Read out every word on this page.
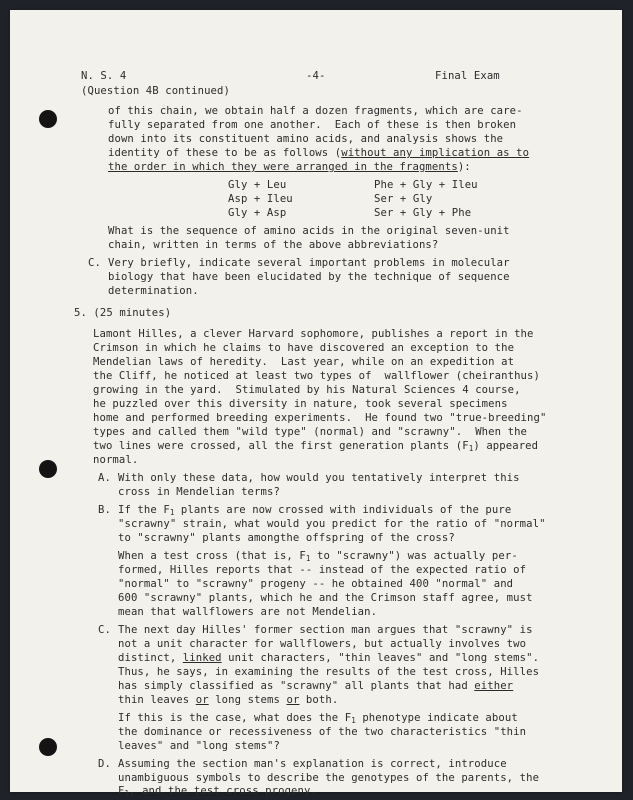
N. S. 4	-4-	Final Exam
(Question 4B continued)
of this chain, we obtain half a dozen fragments, which are care-
fully separated from one another.  Each of these is then broken
down into its constituent amino acids, and analysis shows the
identity of these to be as follows (without any implication as to
the order in which they were arranged in the fragments):
Gly + Leu
Asp + Ileu
Gly + Asp
Phe + Gly + Ileu
Ser + Gly
Ser + Gly + Phe
What is the sequence of amino acids in the original seven-unit
chain, written in terms of the above abbreviations?
C. Very briefly, indicate several important problems in molecular
biology that have been elucidated by the technique of sequence
determination.
5. (25 minutes)
Lamont Hilles, a clever Harvard sophomore, publishes a report in the
Crimson in which he claims to have discovered an exception to the
Mendelian laws of heredity.  Last year, while on an expedition at
the Cliff, he noticed at least two types of  wallflower (cheiranthus)
growing in the yard.  Stimulated by his Natural Sciences 4 course,
he puzzled over this diversity in nature, took several specimens
home and performed breeding experiments.  He found two "true-breeding"
types and called them "wild type" (normal) and "scrawny".  When the
two lines were crossed, all the first generation plants $(F_1)$ appeared
normal.
A. With only these data, how would you tentatively interpret this
cross in Mendelian terms?
B. If the $F_1$ plants are now crossed with individuals of the pure
"scrawny" strain, what would you predict for the ratio of "normal"
to "scrawny" plants amongthe offspring of the cross?
When a test cross (that is, $F_1$ to "scrawny") was actually per-
formed, Hilles reports that -- instead of the expected ratio of
"normal" to "scrawny" progeny -- he obtained 400 "normal" and
600 "scrawny" plants, which he and the Crimson staff agree, must
mean that wallflowers are not Mendelian.
C. The next day Hilles' former section man argues that "scrawny" is
not a unit character for wallflowers, but actually involves two
distinct, linked unit characters, "thin leaves" and "long stems".
Thus, he says, in examining the results of the test cross, Hilles
has simply classified as "scrawny" all plants that had either
thin leaves or long stems or both.
If this is the case, what does the $F_1$ phenotype indicate about
the dominance or recessiveness of the two characteristics "thin
leaves" and "long stems"?
D. Assuming the section man's explanation is correct, introduce
unambiguous symbols to describe the genotypes of the parents, the
$F_1$, and the test cross progeny.
